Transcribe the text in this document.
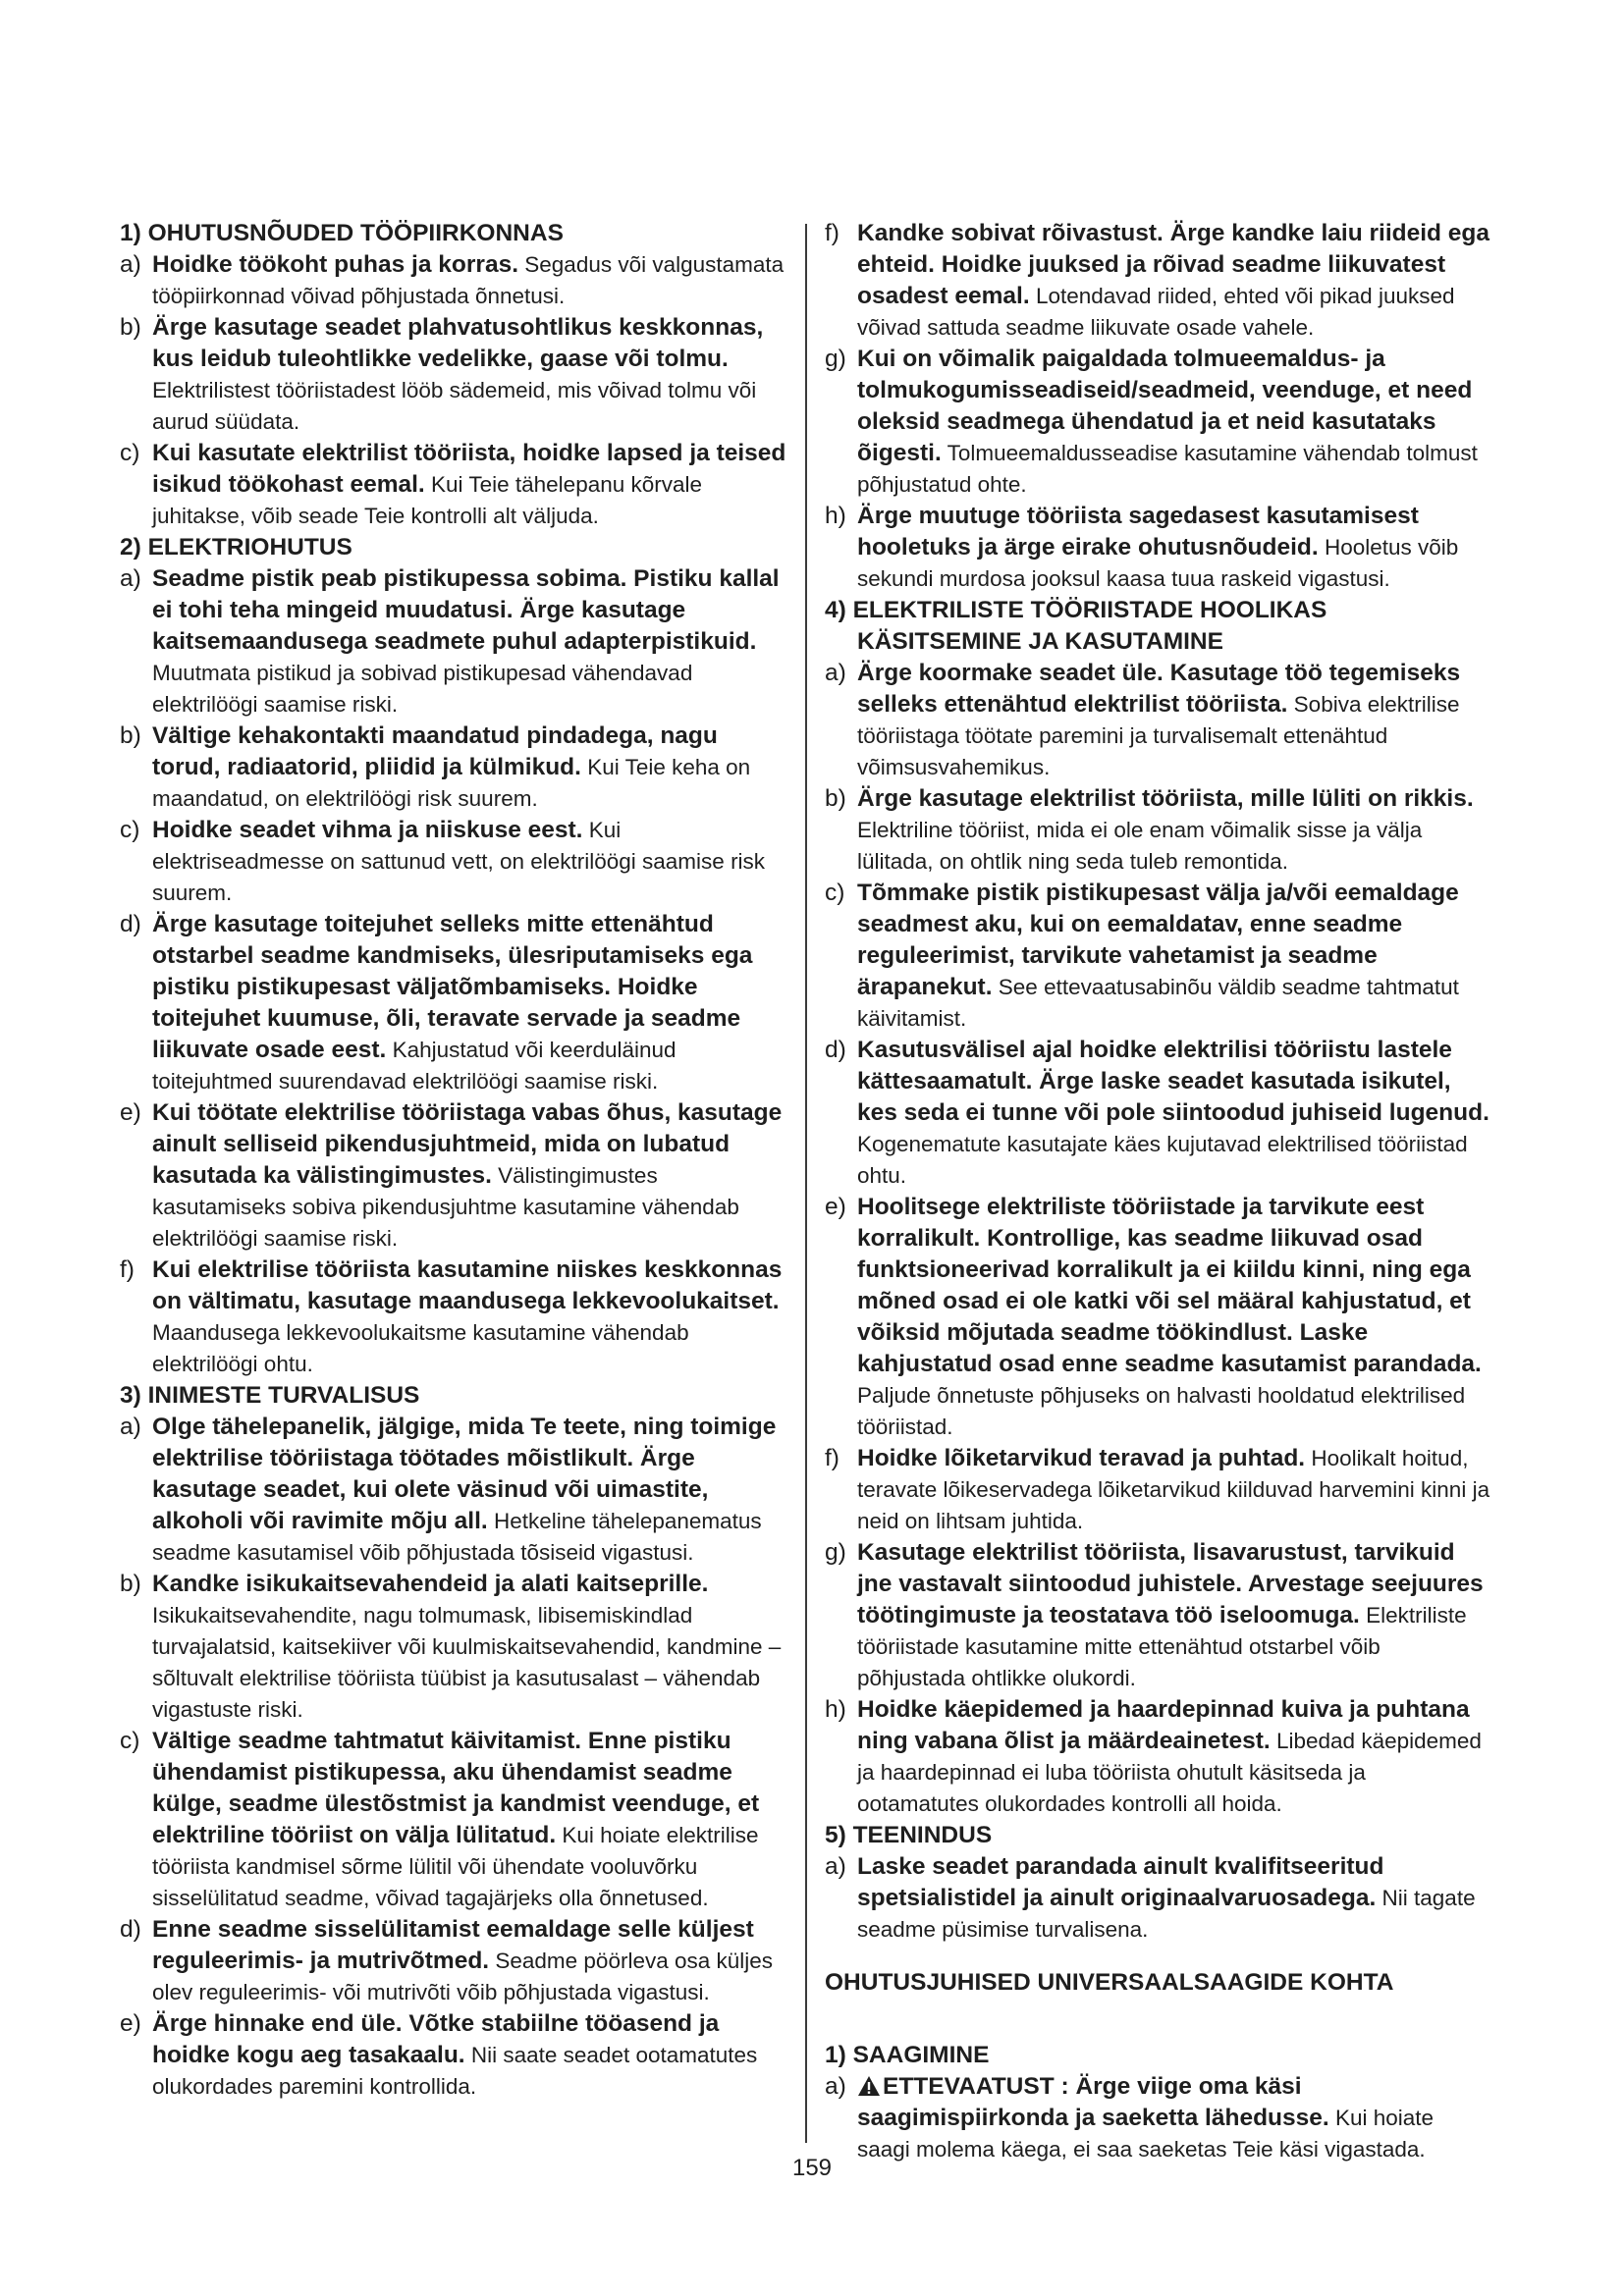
1) OHUTUSNÕUDED TÖÖPIIRKONNAS
a) Hoidke töökoht puhas ja korras. Segadus või valgustamata tööpiirkonnad võivad põhjustada õnnetusi.
b) Ärge kasutage seadet plahvatusohtlikus keskkonnas, kus leidub tuleohtlikke vedelikke, gaase või tolmu. Elektrilistest tööriistadest lööb sädemeid, mis võivad tolmu või aurud süüdata.
c) Kui kasutate elektrilist tööriista, hoidke lapsed ja teised isikud töökohast eemal. Kui Teie tähelepanu kõrvale juhitakse, võib seade Teie kontrolli alt väljuda.
2) ELEKTRIOHUTUS
a) Seadme pistik peab pistikupessa sobima. Pistiku kallal ei tohi teha mingeid muudatusi. Ärge kasutage kaitsemaandusega seadmete puhul adapterpistikuid. Muutmata pistikud ja sobivad pistikupesad vähendavad elektrilöögi saamise riski.
b) Vältige kehakontakti maandatud pindadega, nagu torud, radiaatorid, pliidid ja külmikud. Kui Teie keha on maandatud, on elektrilöögi risk suurem.
c) Hoidke seadet vihma ja niiskuse eest. Kui elektriseadmesse on sattunud vett, on elektrilöögi saamise risk suurem.
d) Ärge kasutage toitejuhet selleks mitte ettenähtud otstarbel seadme kandmiseks, ülesriputamiseks ega pistiku pistikupesast väljatõmbamiseks. Hoidke toitejuhet kuumuse, õli, teravate servade ja seadme liikuvate osade eest. Kahjustatud või keerduläinud toitejuhtmed suurendavad elektrilöögi saamise riski.
e) Kui töötate elektrilise tööriistaga vabas õhus, kasutage ainult selliseid pikendusjuhtmeid, mida on lubatud kasutada ka välistingimustes. Välistingimustes kasutamiseks sobiva pikendusjuhtme kasutamine vähendab elektrilöögi saamise riski.
f) Kui elektrilise tööriista kasutamine niiskes keskkonnas on vältimatu, kasutage maandusega lekkevoolukaitset. Maandusega lekkevoolukaitsme kasutamine vähendab elektrilöögi ohtu.
3) INIMESTE TURVALISUS
a) Olge tähelepanelik, jälgige, mida Te teete, ning toimige elektrilise tööriistaga töötades mõistlikult. Ärge kasutage seadet, kui olete väsinud või uimastite, alkoholi või ravimite mõju all. Hetkeline tähelepanematus seadme kasutamisel võib põhjustada tõsiseid vigastusi.
b) Kandke isikukaitsevahendeid ja alati kaitseprille. Isikukaitsevahendite, nagu tolmumask, libisemiskindlad turvajalatsid, kaitsekiiver või kuulmiskaitsevahendid, kandmine – sõltuvalt elektrilise tööriista tüübist ja kasutusalast – vähendab vigastuste riski.
c) Vältige seadme tahtmatut käivitamist. Enne pistiku ühendamist pistikupessa, aku ühendamist seadme külge, seadme ülestõstmist ja kandmist veenduge, et elektriline tööriist on välja lülitatud. Kui hoiate elektrilise tööriista kandmisel sõrme lülitil või ühendate vooluvõrku sisselülitatud seadme, võivad tagajärjeks olla õnnetused.
d) Enne seadme sisselülitamist eemaldage selle küljest reguleerimis- ja mutrivõtmed. Seadme pöörleva osa küljes olev reguleerimis- või mutrivõti võib põhjustada vigastusi.
e) Ärge hinnake end üle. Võtke stabiilne tööasend ja hoidke kogu aeg tasakaalu. Nii saate seadet ootamatutes olukordades paremini kontrollida.
f) Kandke sobivat rõivastust. Ärge kandke laiu riideid ega ehteid. Hoidke juuksed ja rõivad seadme liikuvatest osadest eemal. Lotendavad riided, ehted või pikad juuksed võivad sattuda seadme liikuvate osade vahele.
g) Kui on võimalik paigaldada tolmueemaldus- ja tolmukogumisseadiseid/seadmeid, veenduge, et need oleksid seadmega ühendatud ja et neid kasutataks õigesti. Tolmueemaldusseadise kasutamine vähendab tolmust põhjustatud ohte.
h) Ärge muutuge tööriista sagedasest kasutamisest hooletuks ja ärge eirake ohutusnõudeid. Hooletus võib sekundi murdosa jooksul kaasa tuua raskeid vigastusi.
4) ELEKTRILISTE TÖÖRIISTADE HOOLIKAS
KÄSITSEMINE JA KASUTAMINE
a) Ärge koormake seadet üle. Kasutage töö tegemiseks selleks ettenähtud elektrilist tööriista. Sobiva elektrilise tööriistaga töötate paremini ja turvalisemalt ettenähtud võimsusvahemikus.
b) Ärge kasutage elektrilist tööriista, mille lüliti on rikkis. Elektriline tööriist, mida ei ole enam võimalik sisse ja välja lülitada, on ohtlik ning seda tuleb remontida.
c) Tõmmake pistik pistikupesast välja ja/või eemaldage seadmest aku, kui on eemaldatav, enne seadme reguleerimist, tarvikute vahetamist ja seadme ärapanekut. See ettevaatusabinõu väldib seadme tahtmatut käivitamist.
d) Kasutusvälisel ajal hoidke elektrilisi tööriistu lastele kättesaamatult. Ärge laske seadet kasutada isikutel, kes seda ei tunne või pole siintoodud juhiseid lugenud. Kogenematute kasutajate käes kujutavad elektrilised tööriistad ohtu.
e) Hoolitsege elektriliste tööriistade ja tarvikute eest korralikult. Kontrollige, kas seadme liikuvad osad funktsioneerivad korralikult ja ei kiildu kinni, ning ega mõned osad ei ole katki või sel määral kahjustatud, et võiksid mõjutada seadme töökindlust. Laske kahjustatud osad enne seadme kasutamist parandada. Paljude õnnetuste põhjuseks on halvasti hooldatud elektrilised tööriistad.
f) Hoidke lõiketarvikud teravad ja puhtad. Hoolikalt hoitud, teravate lõikeservadega lõiketarvikud kiilduvad harvemini kinni ja neid on lihtsam juhtida.
g) Kasutage elektrilist tööriista, lisavarustust, tarvikuid jne vastavalt siintoodud juhistele. Arvestage seejuures töötingimuste ja teostatava töö iseloomuga. Elektriliste tööriistade kasutamine mitte ettenähtud otstarbel võib põhjustada ohtlikke olukordi.
h) Hoidke käepidemed ja haardepinnad kuiva ja puhtana ning vabana õlist ja määrdeainetest. Libedad käepidemed ja haardepinnad ei luba tööriista ohutult käsitseda ja ootamatutes olukordades kontrolli all hoida.
5) TEENINDUS
a) Laske seadet parandada ainult kvalifitseeritud spetsialistidel ja ainult originaalvaruosadega. Nii tagate seadme püsimise turvalisena.
OHUTUSJUHISED UNIVERSAALSAAGIDE KOHTA
1) SAAGIMINE
a) ETTEVAATUST : Ärge viige oma käsi saagimispiirkonda ja saeketta lähedusse. Kui hoiate saagi molema käega, ei saa saeketas Teie käsi vigastada.
159
